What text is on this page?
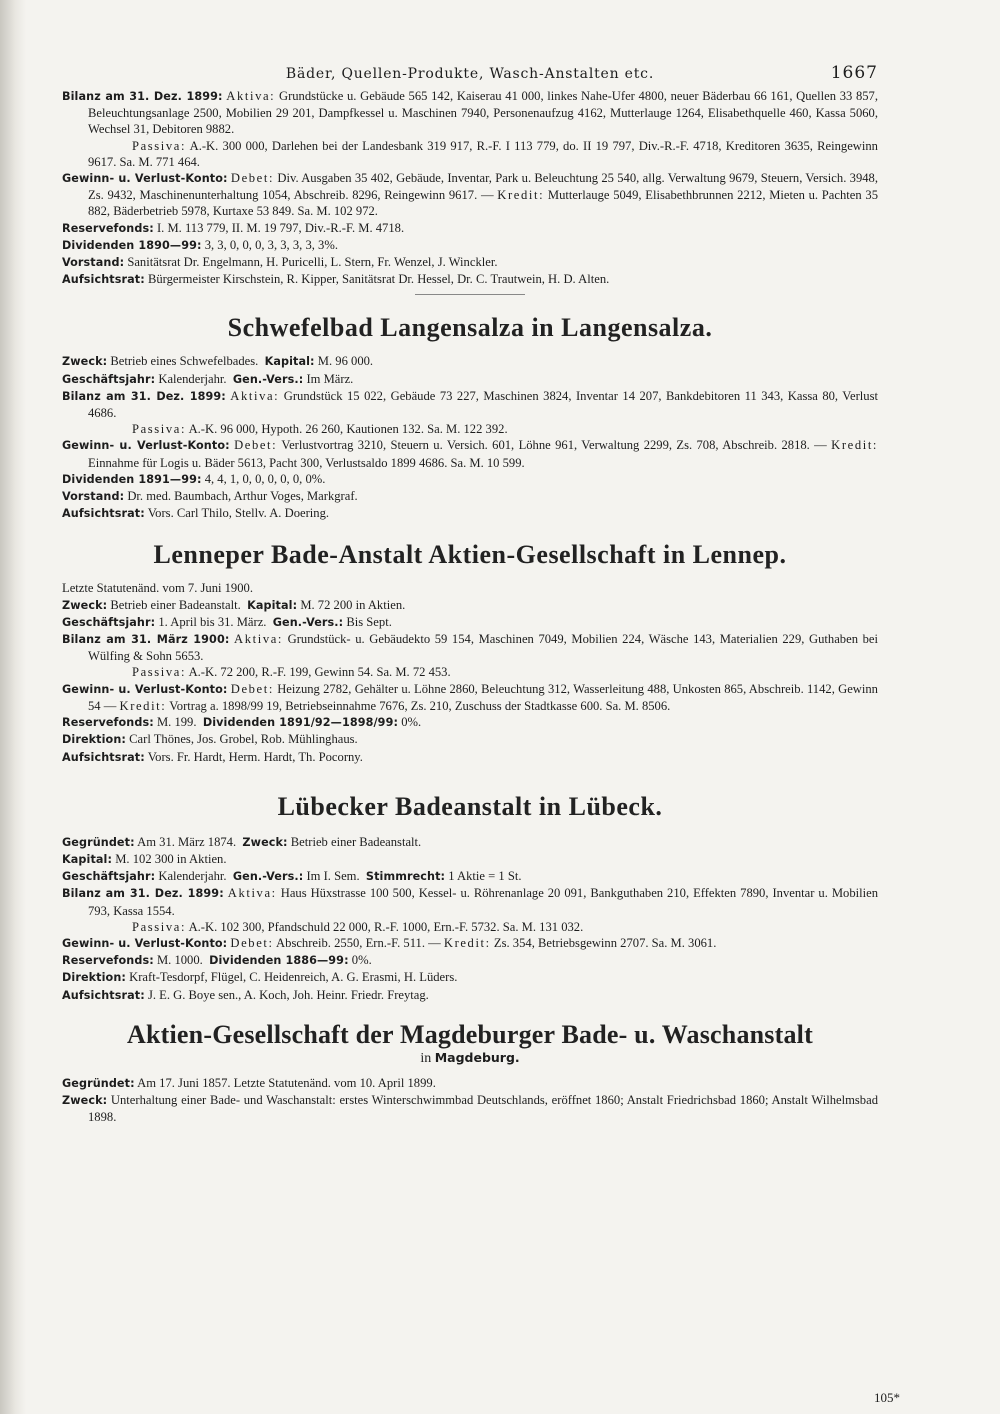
Bäder, Quellen-Produkte, Wasch-Anstalten etc.	1667

Bilanz am 31. Dez. 1899: Aktiva: Grundstücke u. Gebäude 565 142, Kaiserau 41 000, linkes Nahe-Ufer 4800, neuer Bäderbau 66 161, Quellen 33 857, Beleuchtungsanlage 2500, Mobilien 29 201, Dampfkessel u. Maschinen 7940, Personenaufzug 4162, Mutterlauge 1264, Elisabethquelle 460, Kassa 5060, Wechsel 31, Debitoren 9882.

Passiva: A.-K. 300 000, Darlehen bei der Landesbank 319 917, R.-F. I 113 779, do. II 19 797, Div.-R.-F. 4718, Kreditoren 3635, Reingewinn 9617. Sa. M. 771 464.

Gewinn- u. Verlust-Konto: Debet: Div. Ausgaben 35 402, Gebäude, Inventar, Park u. Beleuchtung 25 540, allg. Verwaltung 9679, Steuern, Versich. 3948, Zs. 9432, Maschinenunterhaltung 1054, Abschreib. 8296, Reingewinn 9617. — Kredit: Mutterlauge 5049, Elisabethbrunnen 2212, Mieten u. Pachten 35 882, Bäderbetrieb 5978, Kurtaxe 53 849. Sa. M. 102 972.

Reservefonds: I. M. 113 779, II. M. 19 797, Div.-R.-F. M. 4718.

Dividenden 1890—99: 3, 3, 0, 0, 0, 3, 3, 3, 3, 3%.

Vorstand: Sanitätsrat Dr. Engelmann, H. Puricelli, L. Stern, Fr. Wenzel, J. Winckler.

Aufsichtsrat: Bürgermeister Kirschstein, R. Kipper, Sanitätsrat Dr. Hessel, Dr. C. Trautwein, H. D. Alten.

Schwefelbad Langensalza in Langensalza.

Zweck: Betrieb eines Schwefelbades. Kapital: M. 96 000.

Geschäftsjahr: Kalenderjahr. Gen.-Vers.: Im März.

Bilanz am 31. Dez. 1899: Aktiva: Grundstück 15 022, Gebäude 73 227, Maschinen 3824, Inventar 14 207, Bankdebitoren 11 343, Kassa 80, Verlust 4686.

Passiva: A.-K. 96 000, Hypoth. 26 260, Kautionen 132. Sa. M. 122 392.

Gewinn- u. Verlust-Konto: Debet: Verlustvortrag 3210, Steuern u. Versich. 601, Löhne 961, Verwaltung 2299, Zs. 708, Abschreib. 2818. — Kredit: Einnahme für Logis u. Bäder 5613, Pacht 300, Verlustsaldo 1899 4686. Sa. M. 10 599.

Dividenden 1891—99: 4, 4, 1, 0, 0, 0, 0, 0, 0%.

Vorstand: Dr. med. Baumbach, Arthur Voges, Markgraf.

Aufsichtsrat: Vors. Carl Thilo, Stellv. A. Doering.

Lenneper Bade-Anstalt Aktien-Gesellschaft in Lennep.

Letzte Statutenänd. vom 7. Juni 1900.

Zweck: Betrieb einer Badeanstalt. Kapital: M. 72 200 in Aktien.

Geschäftsjahr: 1. April bis 31. März. Gen.-Vers.: Bis Sept.

Bilanz am 31. März 1900: Aktiva: Grundstück- u. Gebäudekto 59 154, Maschinen 7049, Mobilien 224, Wäsche 143, Materialien 229, Guthaben bei Wülfing & Sohn 5653.

Passiva: A.-K. 72 200, R.-F. 199, Gewinn 54. Sa. M. 72 453.

Gewinn- u. Verlust-Konto: Debet: Heizung 2782, Gehälter u. Löhne 2860, Beleuchtung 312, Wasserleitung 488, Unkosten 865, Abschreib. 1142, Gewinn 54 — Kredit: Vortrag a. 1898/99 19, Betriebseinnahme 7676, Zs. 210, Zuschuss der Stadtkasse 600. Sa. M. 8506.

Reservefonds: M. 199. Dividenden 1891/92—1898/99: 0%.

Direktion: Carl Thönes, Jos. Grobel, Rob. Mühlinghaus.

Aufsichtsrat: Vors. Fr. Hardt, Herm. Hardt, Th. Pocorny.

Lübecker Badeanstalt in Lübeck.

Gegründet: Am 31. März 1874. Zweck: Betrieb einer Badeanstalt.

Kapital: M. 102 300 in Aktien.

Geschäftsjahr: Kalenderjahr. Gen.-Vers.: Im I. Sem. Stimmrecht: 1 Aktie = 1 St.

Bilanz am 31. Dez. 1899: Aktiva: Haus Hüxstrasse 100 500, Kessel- u. Röhrenanlage 20 091, Bankguthaben 210, Effekten 7890, Inventar u. Mobilien 793, Kassa 1554.

Passiva: A.-K. 102 300, Pfandschuld 22 000, R.-F. 1000, Ern.-F. 5732. Sa. M. 131 032.

Gewinn- u. Verlust-Konto: Debet: Abschreib. 2550, Ern.-F. 511. — Kredit: Zs. 354, Betriebsgewinn 2707. Sa. M. 3061.

Reservefonds: M. 1000. Dividenden 1886—99: 0%.

Direktion: Kraft-Tesdorpf, Flügel, C. Heidenreich, A. G. Erasmi, H. Lüders.

Aufsichtsrat: J. E. G. Boye sen., A. Koch, Joh. Heinr. Friedr. Freytag.

Aktien-Gesellschaft der Magdeburger Bade- u. Waschanstalt
in Magdeburg.

Gegründet: Am 17. Juni 1857. Letzte Statutenänd. vom 10. April 1899.

Zweck: Unterhaltung einer Bade- und Waschanstalt: erstes Winterschwimmbad Deutschlands, eröffnet 1860; Anstalt Friedrichsbad 1860; Anstalt Wilhelmsbad 1898.

105*
